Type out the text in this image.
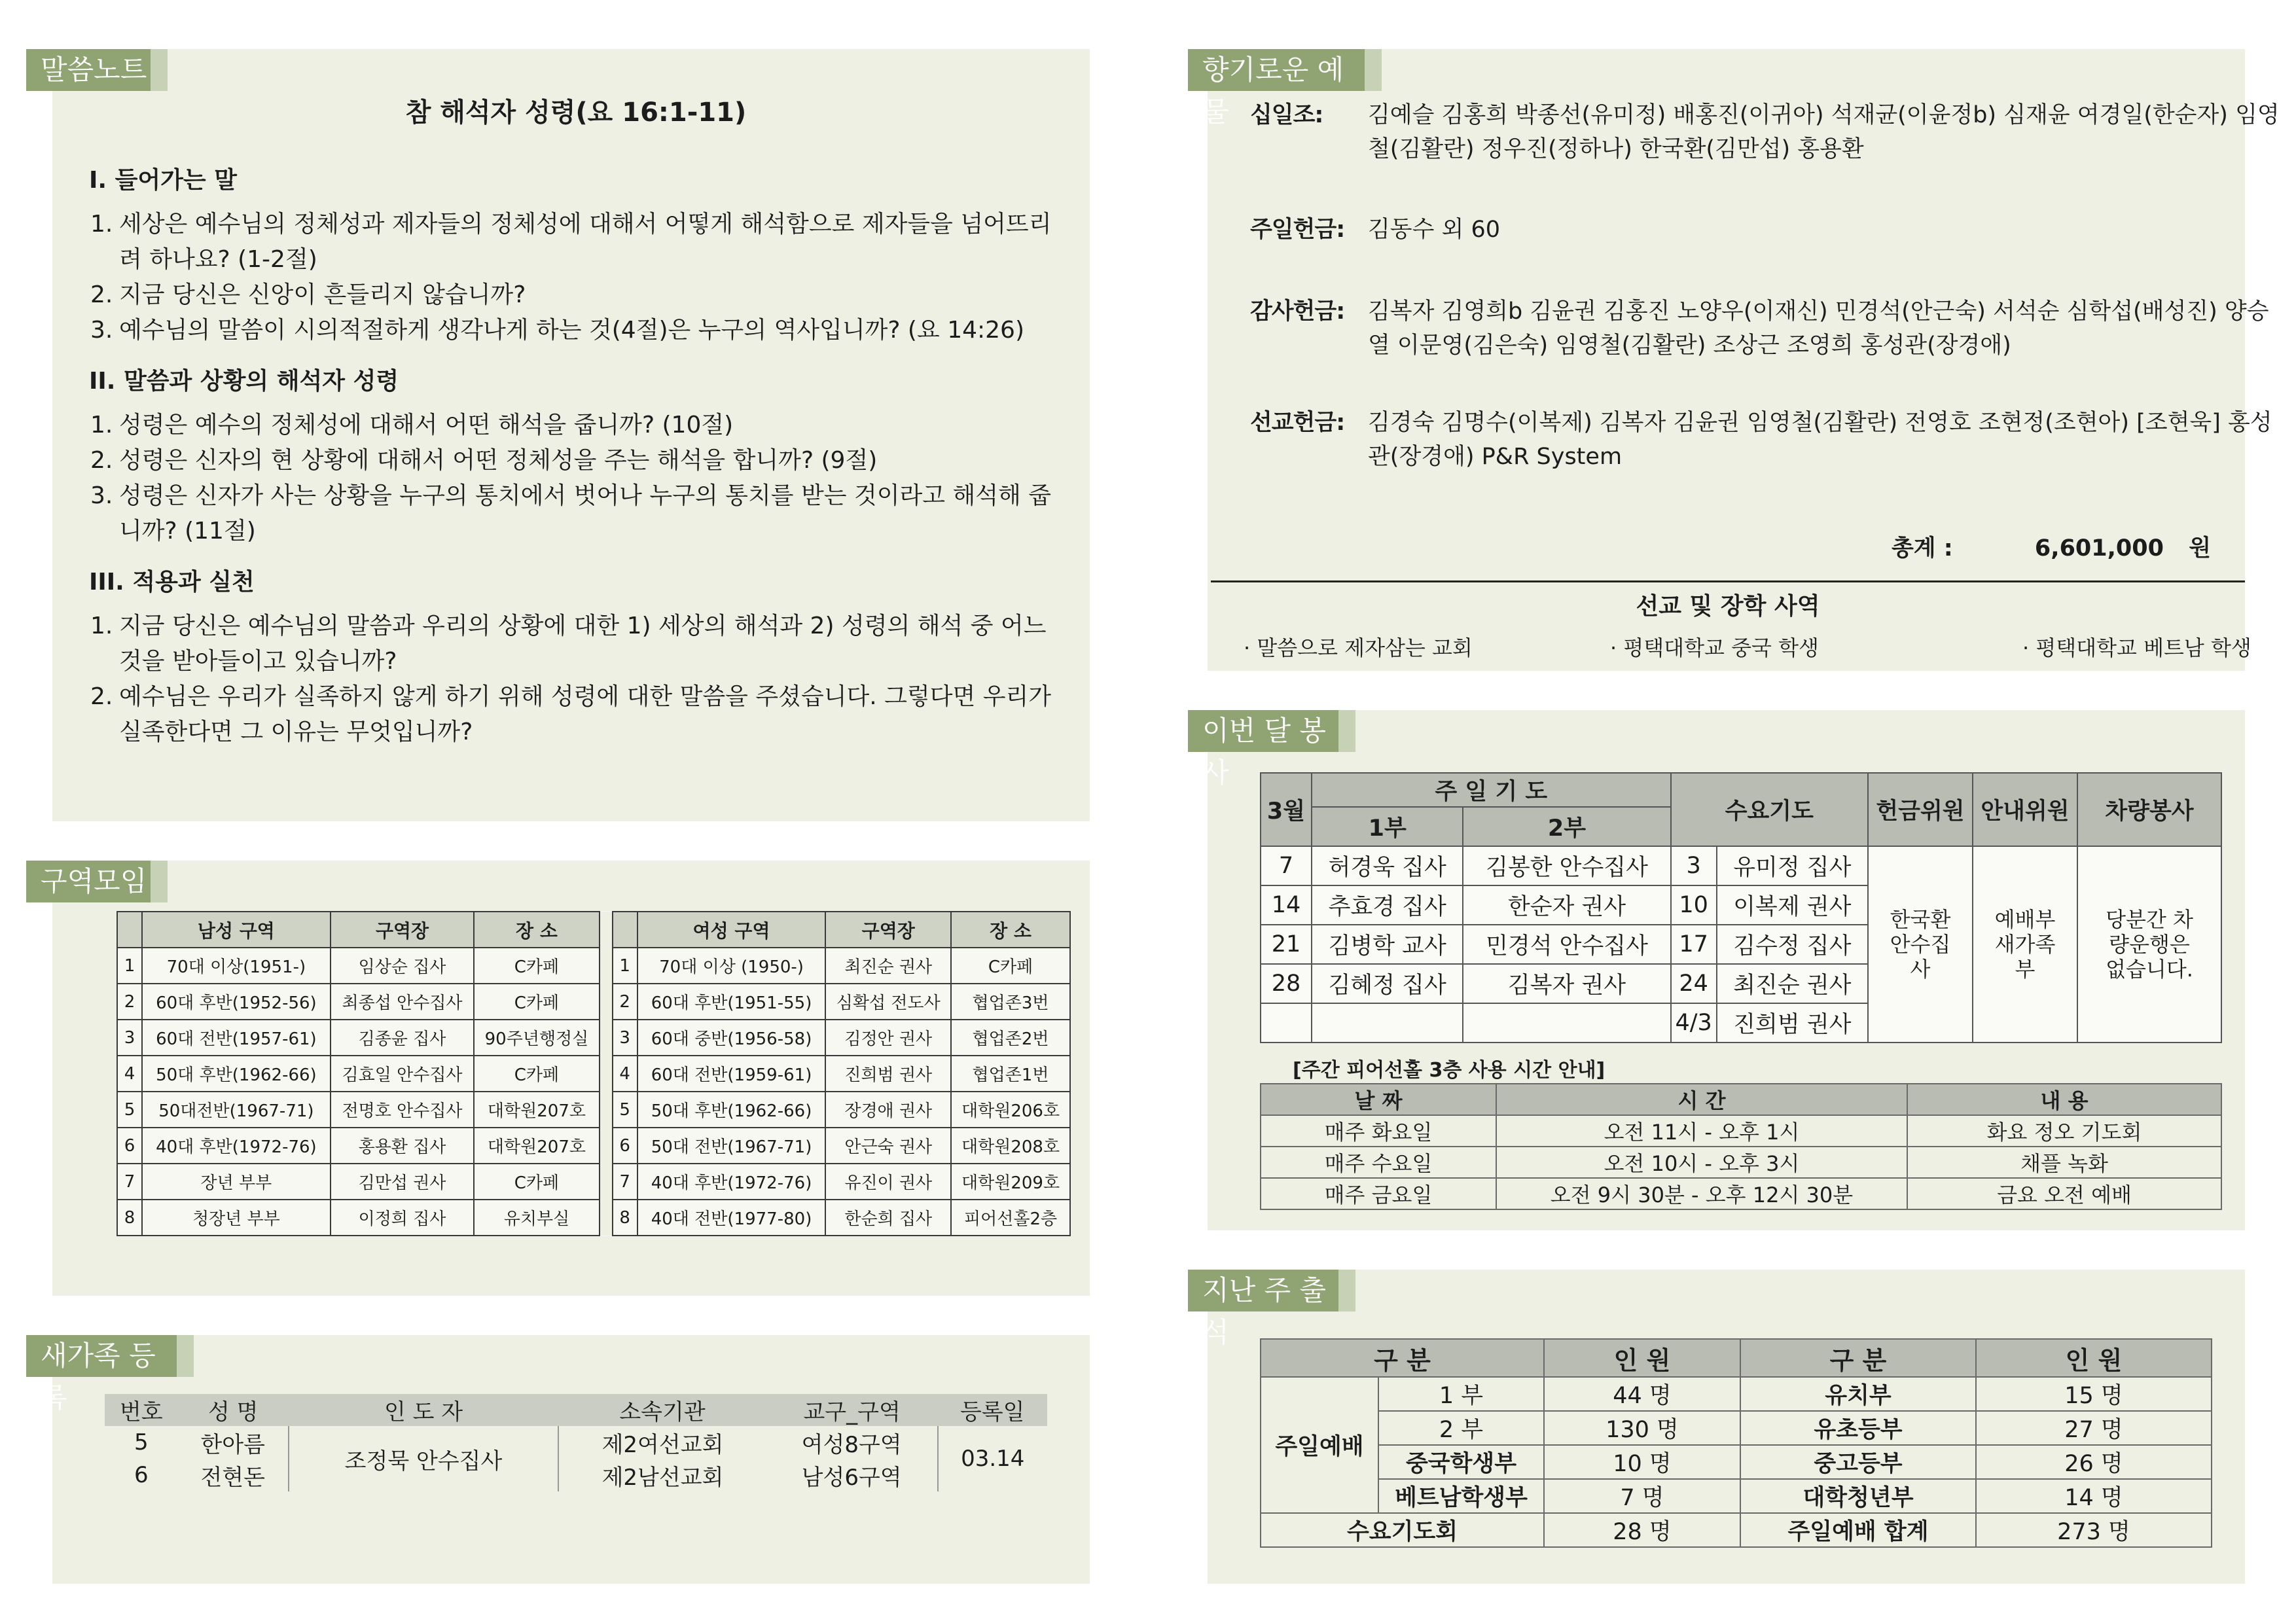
말씀노트
참 해석자 성령(요 16:1-11)
I. 들어가는 말
1. 세상은 예수님의 정체성과 제자들의 정체성에 대해서 어떻게 해석함으로 제자들을 넘어뜨리려 하나요? (1-2절)
2. 지금 당신은 신앙이 흔들리지 않습니까?
3. 예수님의 말씀이 시의적절하게 생각나게 하는 것(4절)은 누구의 역사입니까? (요 14:26)
II. 말씀과 상황의 해석자 성령
1. 성령은 예수의 정체성에 대해서 어떤 해석을 줍니까? (10절)
2. 성령은 신자의 현 상황에 대해서 어떤 정체성을 주는 해석을 합니까? (9절)
3. 성령은 신자가 사는 상황을 누구의 통치에서 벗어나 누구의 통치를 받는 것이라고 해석해 줍니까? (11절)
III. 적용과 실천
1. 지금 당신은 예수님의 말씀과 우리의 상황에 대한 1) 세상의 해석과 2) 성령의 해석 중 어느 것을 받아들이고 있습니까?
2. 예수님은 우리가 실족하지 않게 하기 위해 성령에 대한 말씀을 주셨습니다. 그렇다면 우리가 실족한다면 그 이유는 무엇입니까?
구역모임
	남성 구역	구역장	장 소			여성 구역	구역장	장 소
1	70대 이상(1951-)	임상순 집사	C카페		1	70대 이상 (1950-)	최진순 권사	C카페
2	60대 후반(1952-56)	최종섭 안수집사	C카페		2	60대 후반(1951-55)	심확섭 전도사	협업존3번
3	60대 전반(1957-61)	김종윤 집사	90주년행정실		3	60대 중반(1956-58)	김정안 권사	협업존2번
4	50대 후반(1962-66)	김효일 안수집사	C카페		4	60대 전반(1959-61)	진희범 권사	협업존1번
5	50대전반(1967-71)	전명호 안수집사	대학원207호		5	50대 후반(1962-66)	장경애 권사	대학원206호
6	40대 후반(1972-76)	홍용환 집사	대학원207호		6	50대 전반(1967-71)	안근숙 권사	대학원208호
7	장년 부부	김만섭 권사	C카페		7	40대 후반(1972-76)	유진이 권사	대학원209호
8	청장년 부부	이정희 집사	유치부실		8	40대 전반(1977-80)	한순희 집사	피어선홀2층
새가족 등록	번호	성 명	인 도 자	소속기관	교구_구역	등록일
5	한아름	조정묵 안수집사	제2여선교회	여성8구역	03.14
6	전현돈		제2남선교회	남성6구역	
향기로운 예물 십일조: 김예슬 김홍희 박종선(유미정) 배홍진(이귀아) 석재균(이윤정b) 심재윤 여경일(한순자) 임영철(김활란) 정우진(정하나) 한국환(김만섭) 홍용환
주일헌금: 김동수 외 60
감사헌금: 김복자 김영희b 김윤권 김홍진 노양우(이재신) 민경석(안근숙) 서석순 심학섭(배성진) 양승열 이문영(김은숙) 임영철(김활란) 조상근 조영희 홍성관(장경애)
선교헌금: 김경숙 김명수(이복제) 김복자 김윤권 임영철(김활란) 전영호 조현정(조현아) [조현욱] 홍성관(장경애) P&R System
총계 :	6,601,000 원
선교 및 장학 사역
· 말씀으로 제자삼는 교회	· 평택대학교 중국 학생	· 평택대학교 베트남 학생
이번 달 봉사
3월	주 일 기 도		수요기도		헌금위원	안내위원	차량봉사
	1부	2부					
7	허경욱 집사	김봉한 안수집사	3	유미정 집사	한국환 안수집사	예배부 새가족부	당분간 차량운행은 없습니다.
14	추효경 집사	한순자 권사	10	이복제 권사			
21	김병학 교사	민경석 안수집사	17	김수정 집사			
28	김혜정 집사	김복자 권사	24	최진순 권사			
			4/3	진희범 권사			
[주간 피어선홀 3층 사용 시간 안내]
날 짜	시 간	내 용
매주 화요일	오전 11시 - 오후 1시	화요 정오 기도회
매주 수요일	오전 10시 - 오후 3시	채플 녹화
매주 금요일	오전 9시 30분 - 오후 12시 30분	금요 오전 예배
지난 주 출석
구 분		인 원	구 분	인 원
주일예배	1 부	44 명	유치부	15 명
	2 부	130 명	유초등부	27 명
	중국학생부	10 명	중고등부	26 명
	베트남학생부	7 명	대학청년부	14 명
수요기도회		28 명	주일예배 합계	273 명
